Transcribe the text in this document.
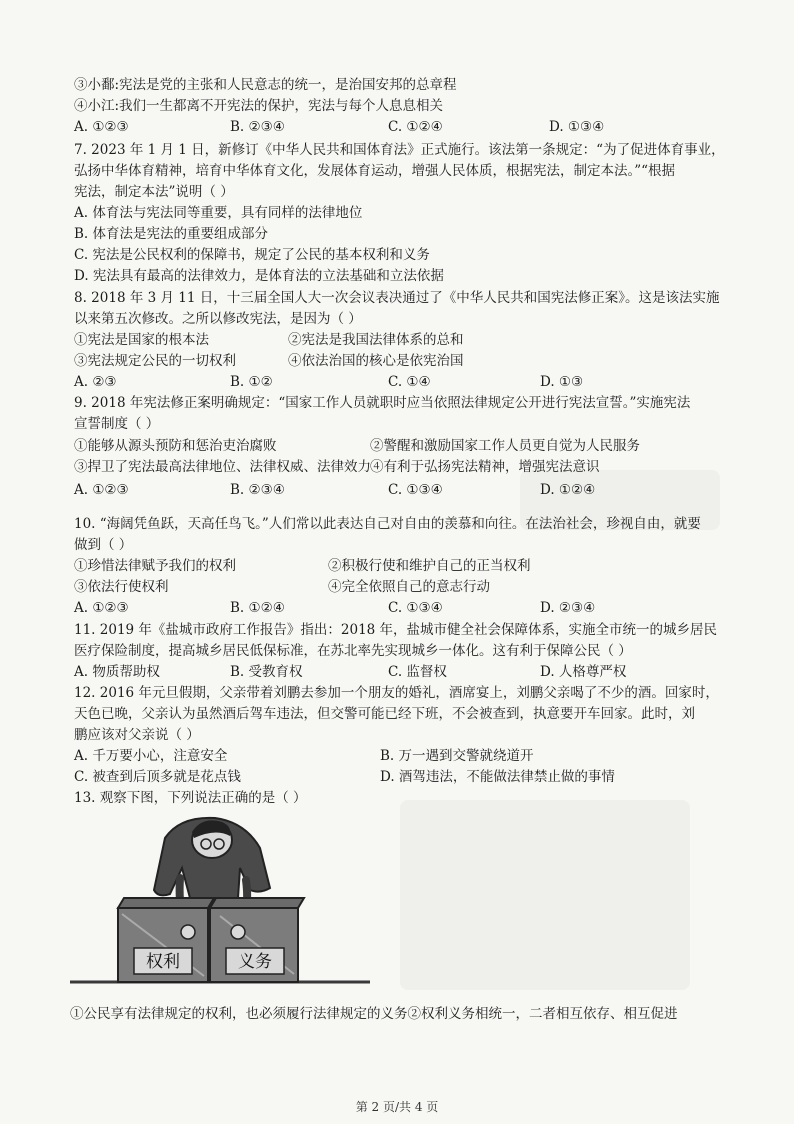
③小鄱:宪法是党的主张和人民意志的统一，是治国安邦的总章程
④小江:我们一生都离不开宪法的保护，宪法与每个人息息相关
A. ①②③	B. ②③④	C. ①②④	D. ①③④
7. 2023 年 1 月 1 日，新修订《中华人民共和国体育法》正式施行。该法第一条规定：“为了促进体育事业，
弘扬中华体育精神，培育中华体育文化，发展体育运动，增强人民体质，根据宪法，制定本法。”“根据
宪法，制定本法”说明（ ）
A. 体育法与宪法同等重要，具有同样的法律地位
B. 体育法是宪法的重要组成部分
C. 宪法是公民权利的保障书，规定了公民的基本权利和义务
D. 宪法具有最高的法律效力，是体育法的立法基础和立法依据
8. 2018 年 3 月 11 日，十三届全国人大一次会议表决通过了《中华人民共和国宪法修正案》。这是该法实施
以来第五次修改。之所以修改宪法，是因为（ ）
①宪法是国家的根本法	②宪法是我国法律体系的总和
③宪法规定公民的一切权利	④依法治国的核心是依宪治国
A. ②③	B. ①②	C. ①④	D. ①③
9. 2018 年宪法修正案明确规定：“国家工作人员就职时应当依照法律规定公开进行宪法宣誓。”实施宪法
宣誓制度（ ）
①能够从源头预防和惩治吏治腐败	②警醒和激励国家工作人员更自觉为人民服务
③捍卫了宪法最高法律地位、法律权威、法律效力 ④有利于弘扬宪法精神，增强宪法意识
A. ①②③	B. ②③④	C. ①③④	D. ①②④
10. “海阔凭鱼跃，天高任鸟飞。”人们常以此表达自己对自由的羡慕和向往。在法治社会，珍视自由，就要
做到（ ）
①珍惜法律赋予我们的权利	②积极行使和维护自己的正当权利
③依法行使权利	④完全依照自己的意志行动
A. ①②③	B. ①②④	C. ①③④	D. ②③④
11. 2019 年《盐城市政府工作报告》指出：2018 年，盐城市健全社会保障体系，实施全市统一的城乡居民
医疗保险制度，提高城乡居民低保标准，在苏北率先实现城乡一体化。这有利于保障公民（ ）
A. 物质帮助权	B. 受教育权	C. 监督权	D. 人格尊严权
12. 2016 年元旦假期，父亲带着刘鹏去参加一个朋友的婚礼，酒席宴上，刘鹏父亲喝了不少的酒。回家时，
天色已晚，父亲认为虽然酒后驾车违法，但交警可能已经下班，不会被查到，执意要开车回家。此时，刘
鹏应该对父亲说（ ）
A. 千万要小心，注意安全	B. 万一遇到交警就绕道开
C. 被查到后顶多就是花点钱	D. 酒驾违法，不能做法律禁止做的事情
13. 观察下图，下列说法正确的是（ ）
①公民享有法律规定的权利，也必须履行法律规定的义务②权利义务相统一，二者相互依存、相互促进
权利	义务
第 2 页/共 4 页
